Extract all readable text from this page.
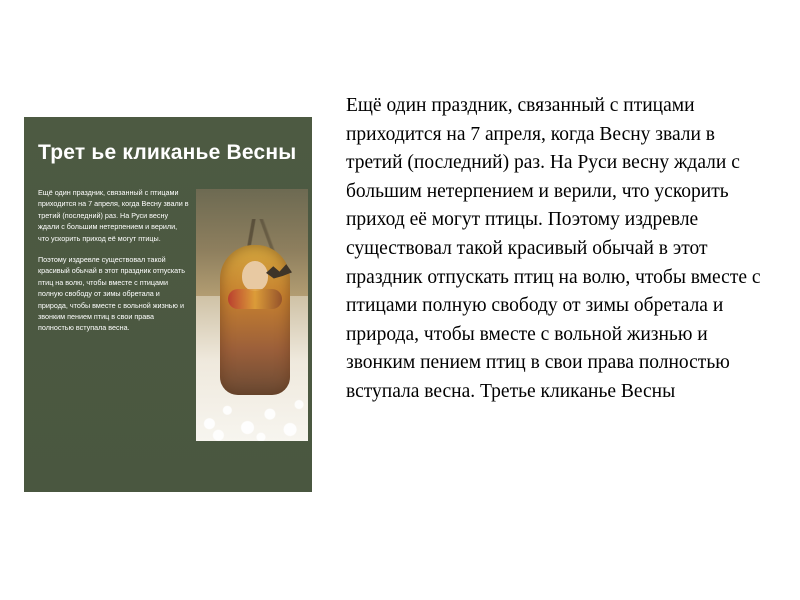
Трет ье кликанье Весны

Ещё один праздник, связанный с птицами приходится на 7 апреля, когда Весну звали в третий (последний) раз. На Руси весну ждали с большим нетерпением и верили, что ускорить приход её могут птицы.

Поэтому издревле существовал такой красивый обычай в этот праздник отпускать птиц на волю, чтобы вместе с птицами полную свободу от зимы обретала и природа, чтобы вместе с вольной жизнью и звонким пением птиц в свои права полностью вступала весна.

Ещё один праздник, связанный с птицами приходится на 7 апреля, когда Весну звали в третий (последний) раз. На Руси весну ждали с большим нетерпением и верили, что ускорить приход её могут птицы. Поэтому издревле существовал такой красивый обычай в этот праздник отпускать птиц на волю, чтобы вместе с птицами полную свободу от зимы обретала и природа, чтобы вместе с вольной жизнью и звонким пением птиц в свои права полностью вступала весна. Третье кликанье Весны
